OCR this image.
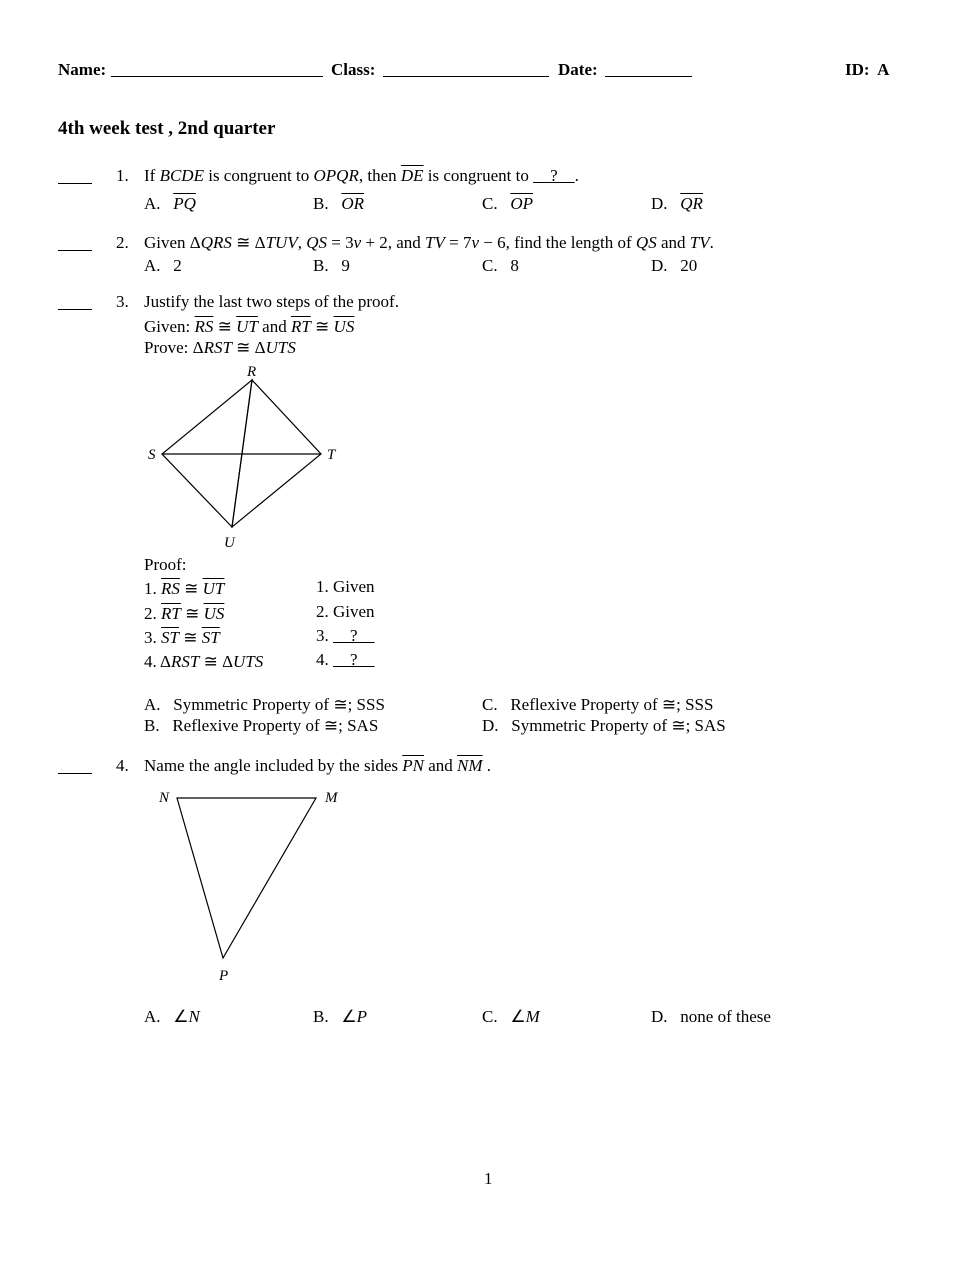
Name:	Class:	Date:	ID: A
4th week test , 2nd quarter
1. If BCDE is congruent to OPQR, then $\overline{DE}$ is congruent to     ? .
A. $\overline{PQ}$	B. $\overline{OR}$	C. $\overline{OP}$	D. $\overline{QR}$
2. Given ΔQRS ≅ ΔTUV, QS = 3v + 2, and TV = 7v − 6, find the length of QS and TV.
A. 2	B. 9	C. 8	D. 20
3. Justify the last two steps of the proof.
Given: $\overline{RS}$ ≅ $\overline{UT}$ and $\overline{RT}$ ≅ $\overline{US}$
Prove: ΔRST ≅ ΔUTS
R
S	T
U
Proof:
1. $\overline{RS}$ ≅ $\overline{UT}$	1. Given
2. $\overline{RT}$ ≅ $\overline{US}$	2. Given
3. $\overline{ST}$ ≅ $\overline{ST}$	3. ?
4. ΔRST ≅ ΔUTS	4. ?
A. Symmetric Property of ≅; SSS
B. Reflexive Property of ≅; SAS
C. Reflexive Property of ≅; SSS
D. Symmetric Property of ≅; SAS
4. Name the angle included by the sides $\overline{PN}$ and $\overline{NM}$ .
N	M
P
A. ∠N	B. ∠P	C. ∠M	D. none of these
1
